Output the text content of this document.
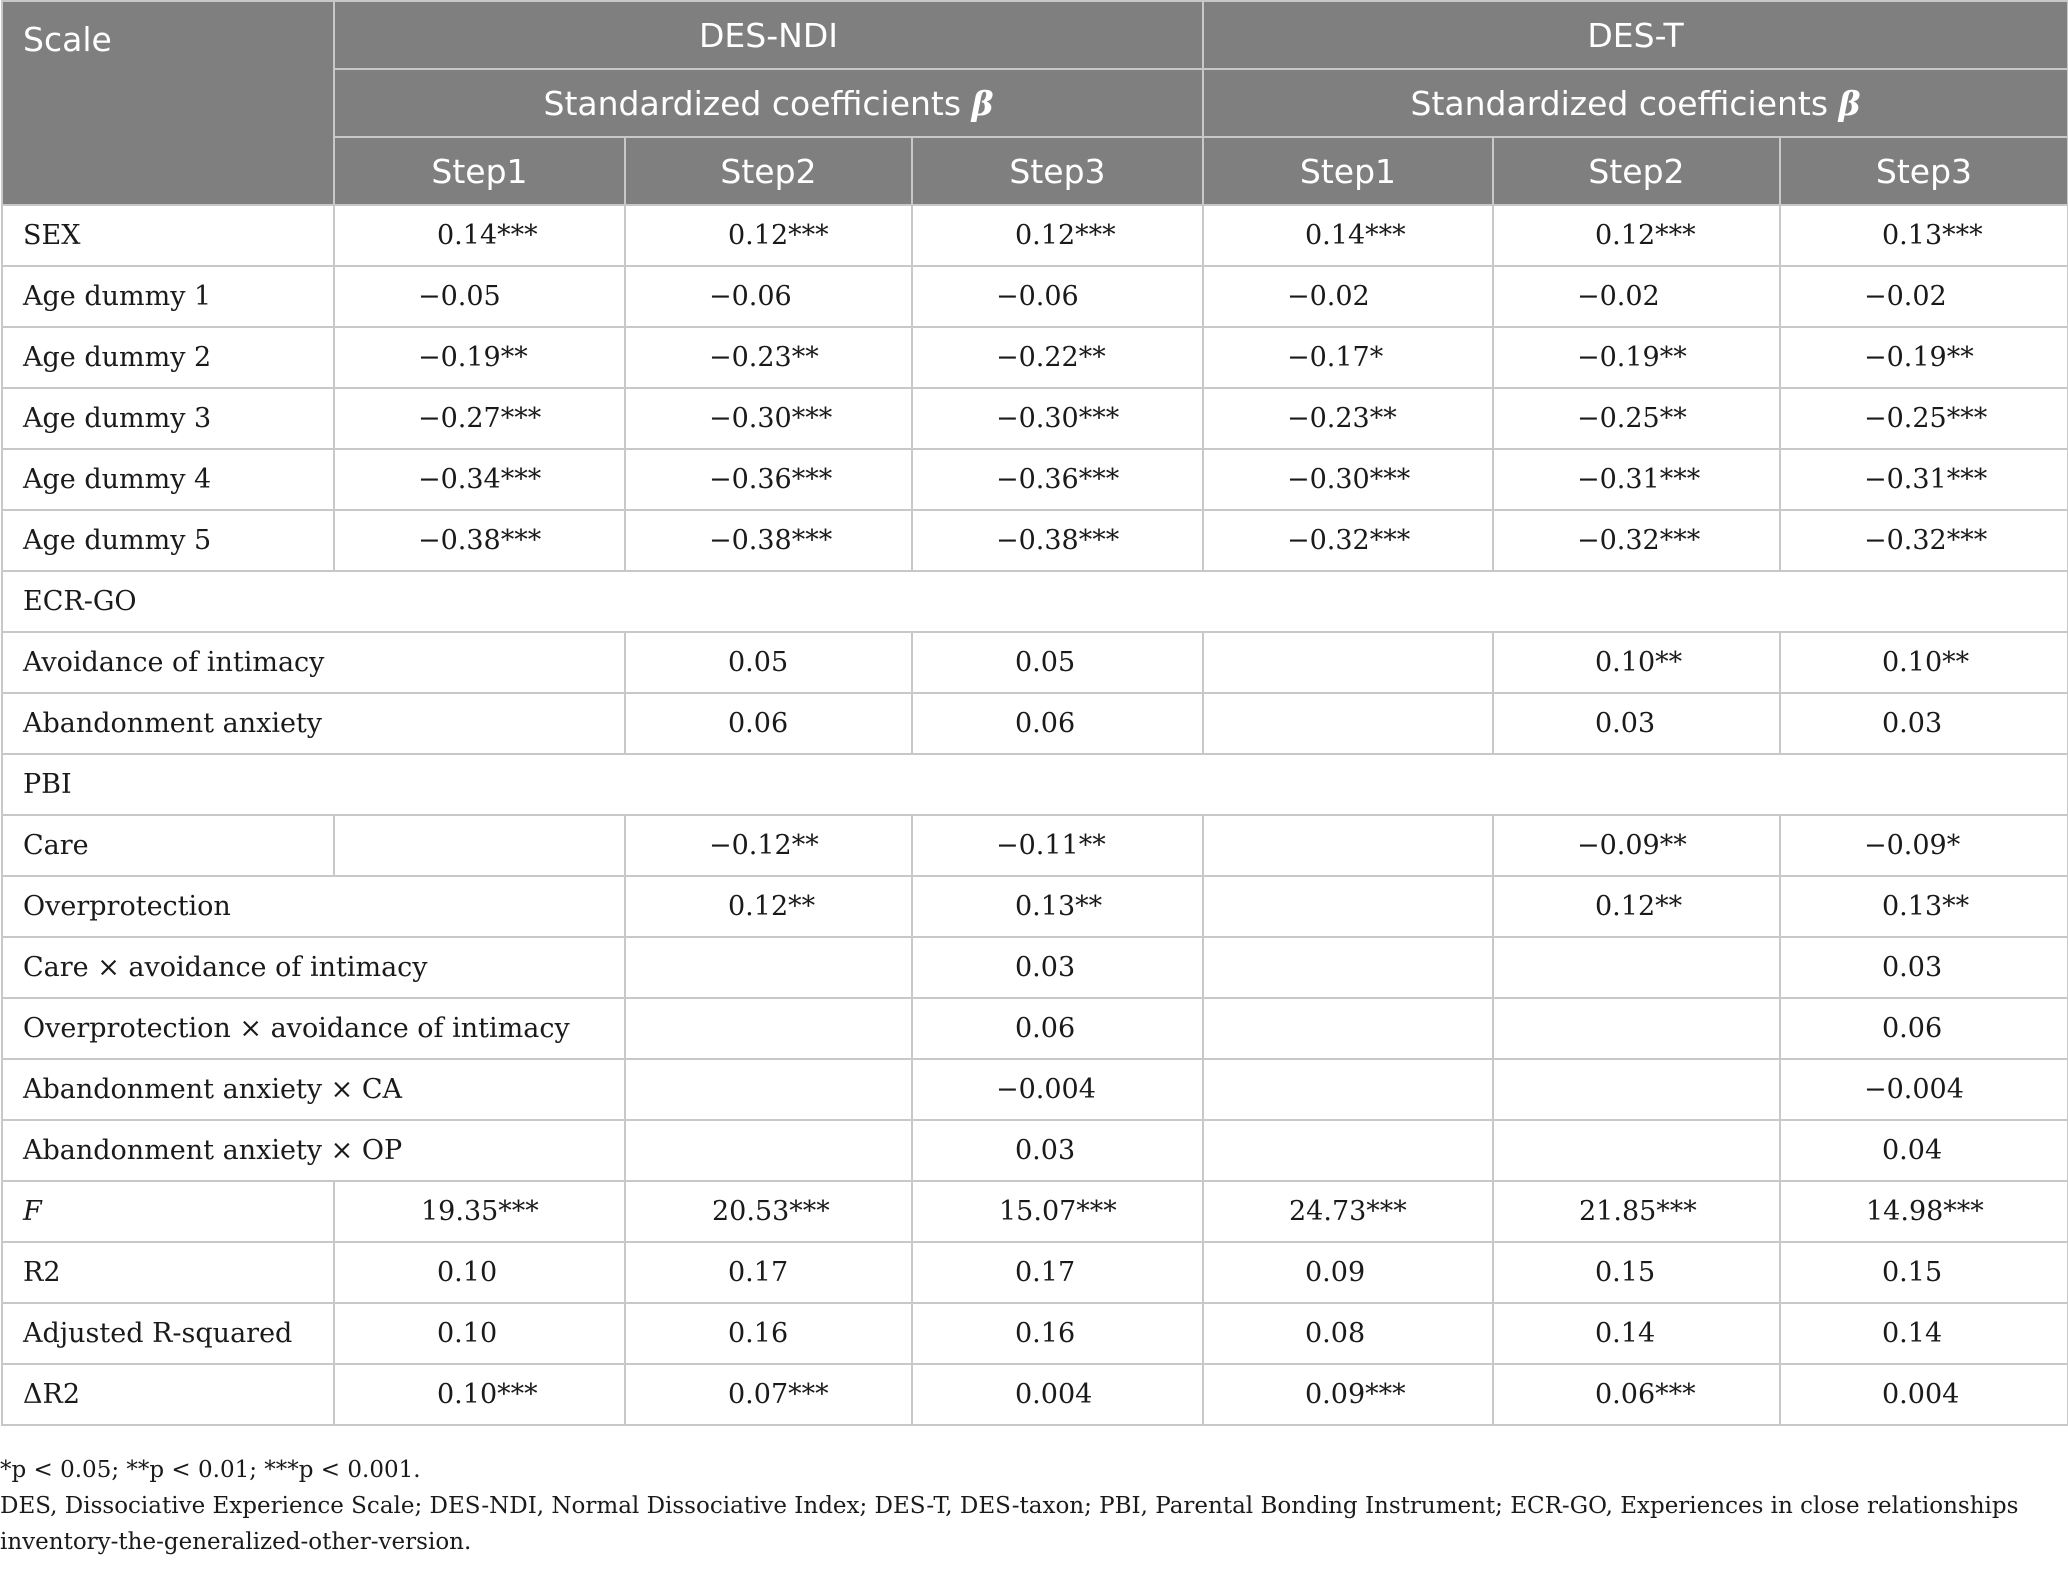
Scale	DES-NDI			DES-T		
	Standardized coefficients β			Standardized coefficients β		
	Step1	Step2	Step3	Step1	Step2	Step3
SEX	0.14***	0.12***	0.12***	0.14***	0.12***	0.13***
Age dummy 1	−0.05	−0.06	−0.06	−0.02	−0.02	−0.02
Age dummy 2	−0.19**	−0.23**	−0.22**	−0.17*	−0.19**	−0.19**
Age dummy 3	−0.27***	−0.30***	−0.30***	−0.23**	−0.25**	−0.25***
Age dummy 4	−0.34***	−0.36***	−0.36***	−0.30***	−0.31***	−0.31***
Age dummy 5	−0.38***	−0.38***	−0.38***	−0.32***	−0.32***	−0.32***
ECR-GO						
Avoidance of intimacy		0.05	0.05		0.10**	0.10**
Abandonment anxiety		0.06	0.06		0.03	0.03
PBI						
Care		−0.12**	−0.11**		−0.09**	−0.09*
Overprotection		0.12**	0.13**		0.12**	0.13**
Care × avoidance of intimacy			0.03			0.03
Overprotection × avoidance of intimacy			0.06			0.06
Abandonment anxiety × CA			−0.004			−0.004
Abandonment anxiety × OP			0.03			0.04
F	19.35***	20.53***	15.07***	24.73***	21.85***	14.98***
R2	0.10	0.17	0.17	0.09	0.15	0.15
Adjusted R-squared	0.10	0.16	0.16	0.08	0.14	0.14
ΔR2	0.10***	0.07***	0.004	0.09***	0.06***	0.004

*p < 0.05; **p < 0.01; ***p < 0.001.

DES, Dissociative Experience Scale; DES-NDI, Normal Dissociative Index; DES-T, DES-taxon; PBI, Parental Bonding Instrument; ECR-GO, Experiences in close relationships inventory-the-generalized-other-version.
